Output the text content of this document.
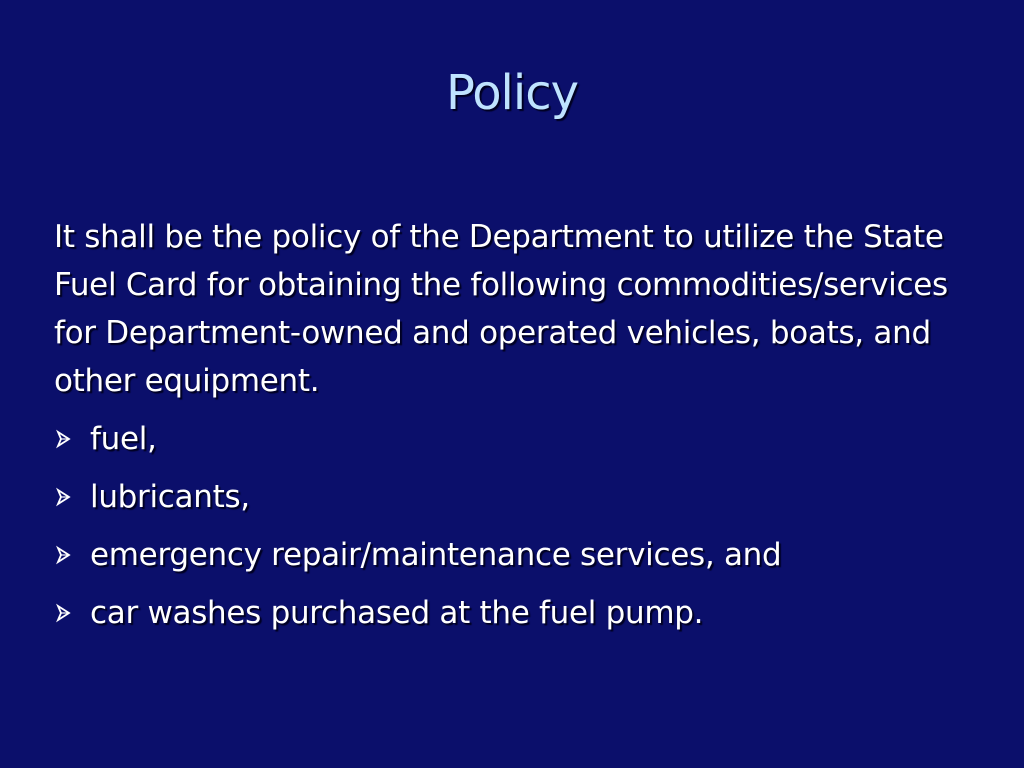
Policy
It shall be the policy of the Department to utilize the State Fuel Card for obtaining the following commodities/services for Department-owned and operated vehicles, boats, and other equipment.
fuel,
lubricants,
emergency repair/maintenance services, and
car washes purchased at the fuel pump.
